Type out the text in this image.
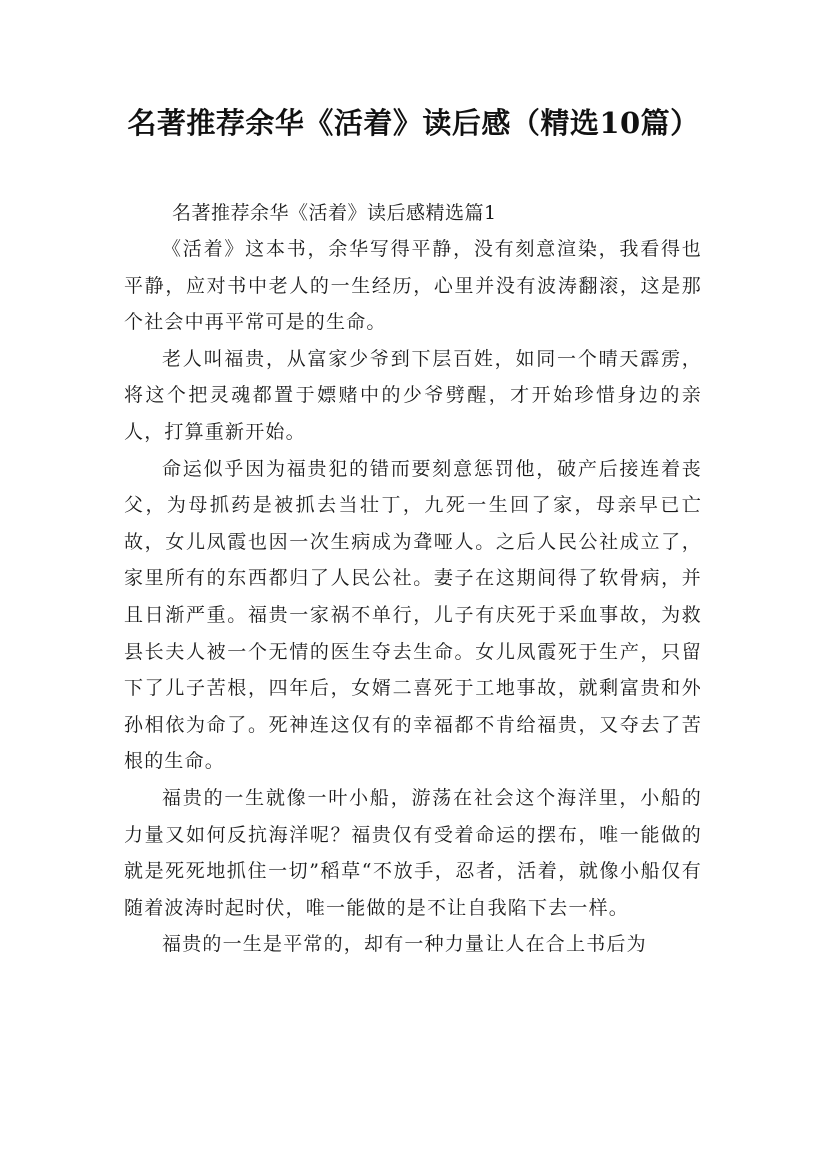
名著推荐余华《活着》读后感（精选10篇）
名著推荐余华《活着》读后感精选篇1

《活着》这本书，余华写得平静，没有刻意渲染，我看得也平静，应对书中老人的一生经历，心里并没有波涛翻滚，这是那个社会中再平常可是的生命。

老人叫福贵，从富家少爷到下层百姓，如同一个晴天霹雳，将这个把灵魂都置于嫖赌中的少爷劈醒，才开始珍惜身边的亲人，打算重新开始。

命运似乎因为福贵犯的错而要刻意惩罚他，破产后接连着丧父，为母抓药是被抓去当壮丁，九死一生回了家，母亲早已亡故，女儿凤霞也因一次生病成为聋哑人。之后人民公社成立了，家里所有的东西都归了人民公社。妻子在这期间得了软骨病，并且日渐严重。福贵一家祸不单行，儿子有庆死于采血事故，为救县长夫人被一个无情的医生夺去生命。女儿凤霞死于生产，只留下了儿子苦根，四年后，女婿二喜死于工地事故，就剩富贵和外孙相依为命了。死神连这仅有的幸福都不肯给福贵，又夺去了苦根的生命。

福贵的一生就像一叶小船，游荡在社会这个海洋里，小船的力量又如何反抗海洋呢？福贵仅有受着命运的摆布，唯一能做的就是死死地抓住一切”稻草“不放手，忍者，活着，就像小船仅有随着波涛时起时伏，唯一能做的是不让自我陷下去一样。

福贵的一生是平常的，却有一种力量让人在合上书后为
